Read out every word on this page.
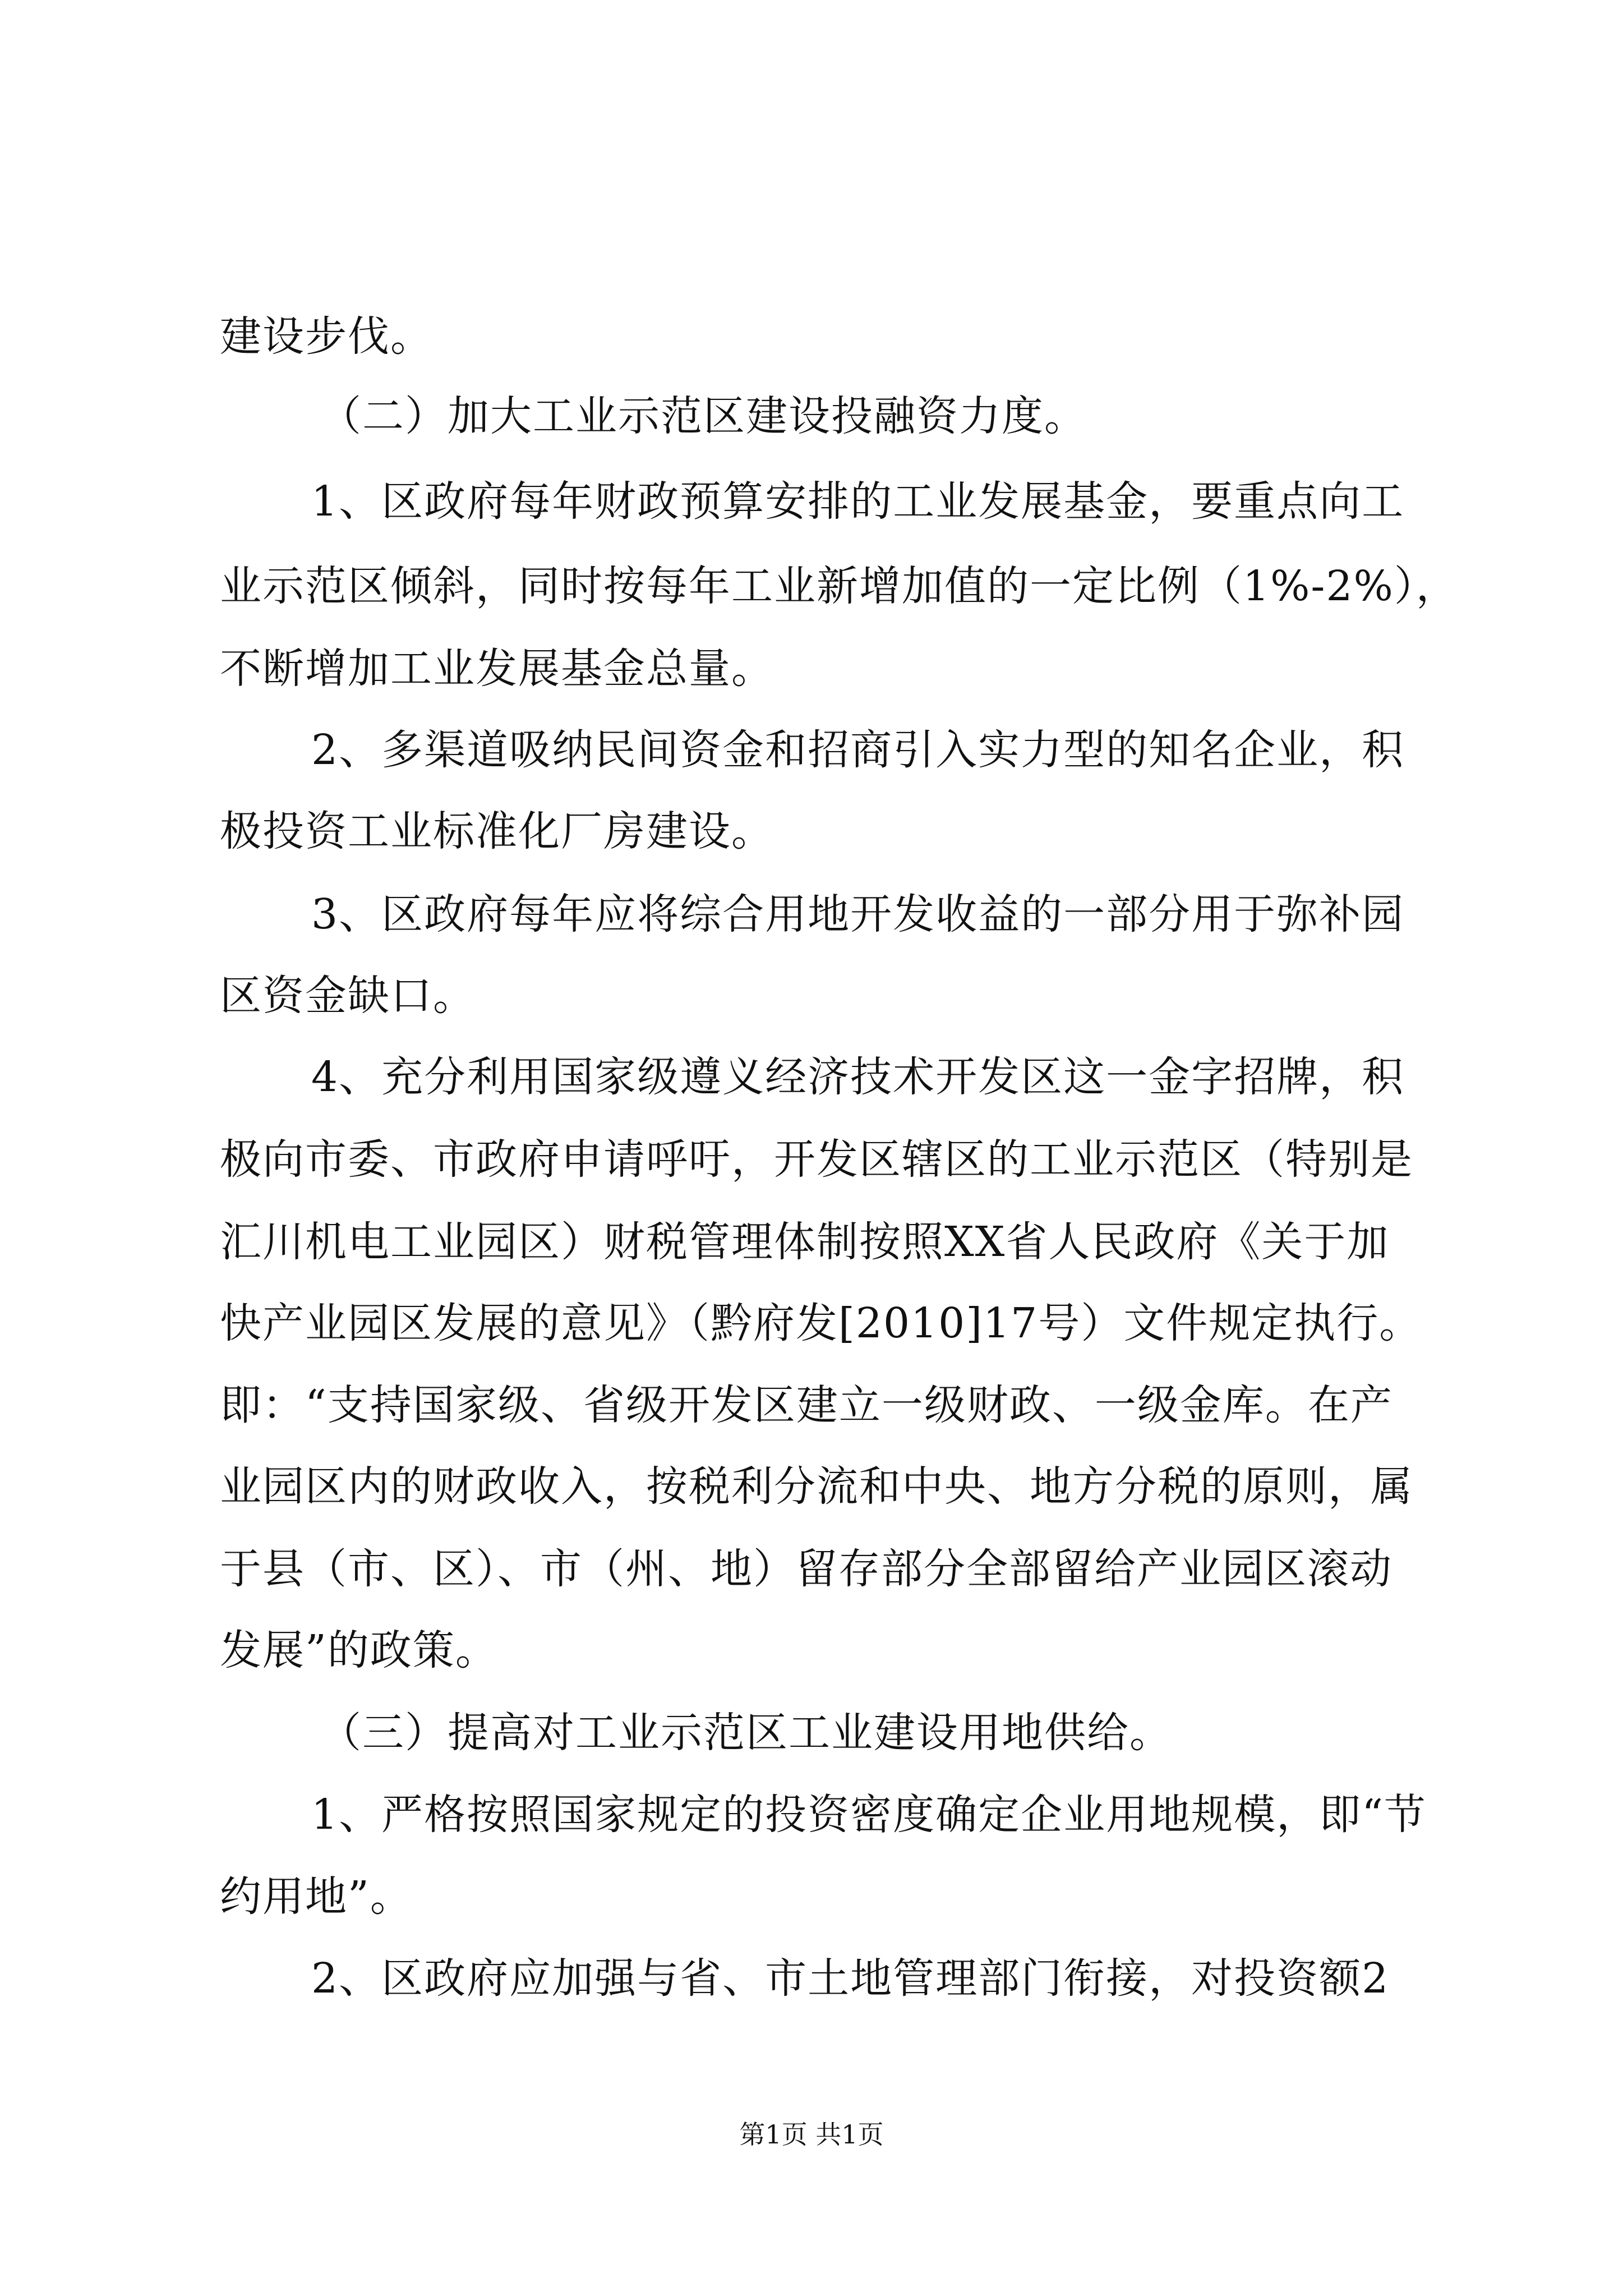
建设步伐。
（二）加大工业示范区建设投融资力度。
1、区政府每年财政预算安排的工业发展基金，要重点向工
业示范区倾斜，同时按每年工业新增加值的一定比例（1%-2%），
不断增加工业发展基金总量。
2、多渠道吸纳民间资金和招商引入实力型的知名企业，积
极投资工业标准化厂房建设。
3、区政府每年应将综合用地开发收益的一部分用于弥补园
区资金缺口。
4、充分利用国家级遵义经济技术开发区这一金字招牌，积
极向市委、市政府申请呼吁，开发区辖区的工业示范区（特别是
汇川机电工业园区）财税管理体制按照XX省人民政府《关于加
快产业园区发展的意见》（黔府发[2010]17号）文件规定执行。
即：“支持国家级、省级开发区建立一级财政、一级金库。在产
业园区内的财政收入，按税利分流和中央、地方分税的原则，属
于县（市、区）、市（州、地）留存部分全部留给产业园区滚动
发展”的政策。
（三）提高对工业示范区工业建设用地供给。
1、严格按照国家规定的投资密度确定企业用地规模，即“节
约用地”。
2、区政府应加强与省、市土地管理部门衔接，对投资额2
第1页 共1页
